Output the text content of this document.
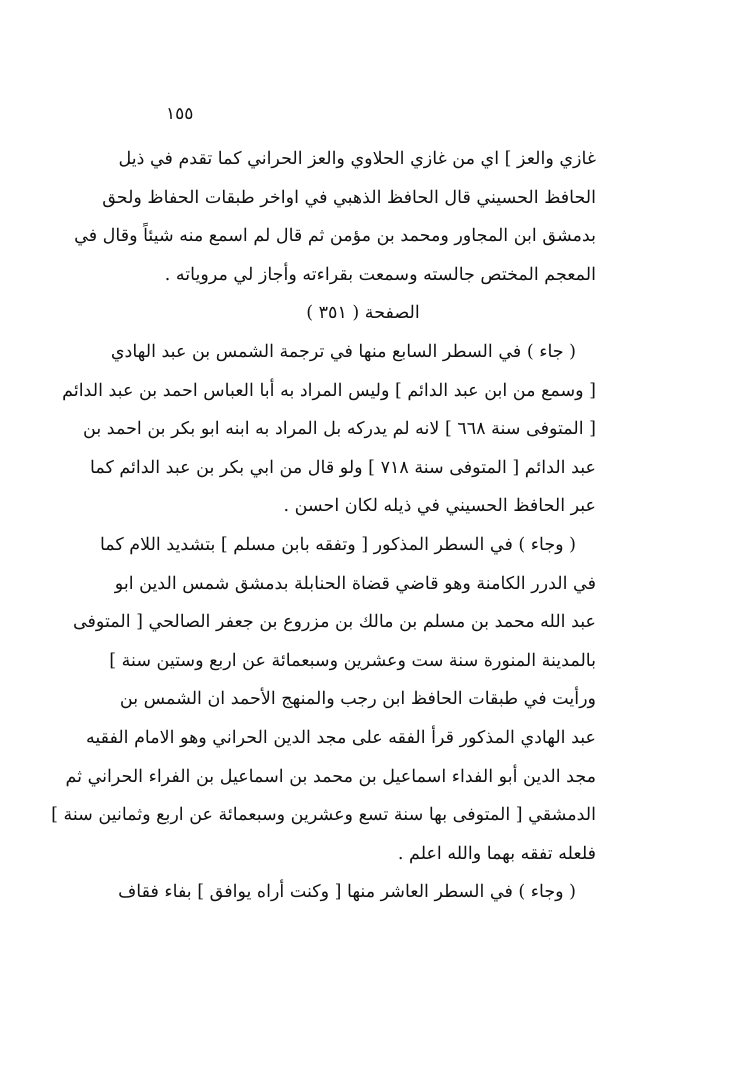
١٥٥
غازي والعز ] اي من غازي الحلاوي والعز الحراني كما تقدم في ذيل
الحافظ الحسيني قال الحافظ الذهبي في اواخر طبقات الحفاظ ولحق
بدمشق ابن المجاور ومحمد بن مؤمن ثم قال لم اسمع منه شيئاً وقال في
المعجم المختص جالسته وسمعت بقراءته وأجاز لي مروياته .
الصفحة ( ٣٥١ )
( جاء ) في السطر السابع منها في ترجمة الشمس بن عبد الهادي
[ وسمع من ابن عبد الدائم ] وليس المراد به أبا العباس احمد بن عبد الدائم
[ المتوفى سنة ٦٦٨ ] لانه لم يدركه بل المراد به ابنه ابو بكر بن احمد بن
عبد الدائم [ المتوفى سنة ٧١٨ ] ولو قال من ابي بكر بن عبد الدائم كما
عبر الحافظ الحسيني في ذيله لكان احسن .
( وجاء ) في السطر المذكور [ وتفقه بابن مسلم ] بتشديد اللام كما
في الدرر الكامنة وهو قاضي قضاة الحنابلة بدمشق شمس الدين ابو
عبد الله محمد بن مسلم بن مالك بن مزروع بن جعفر الصالحي [ المتوفى
بالمدينة المنورة سنة ست وعشرين وسبعمائة عن اربع وستين سنة ]
ورأيت في طبقات الحافظ ابن رجب والمنهج الأحمد ان الشمس بن
عبد الهادي المذكور قرأ الفقه على مجد الدين الحراني وهو الامام الفقيه
مجد الدين أبو الفداء اسماعيل بن محمد بن اسماعيل بن الفراء الحراني ثم
الدمشقي [ المتوفى بها سنة تسع وعشرين وسبعمائة عن اربع وثمانين سنة ]
فلعله تفقه بهما والله اعلم .
( وجاء ) في السطر العاشر منها [ وكنت أراه يوافق ] بفاء فقاف
